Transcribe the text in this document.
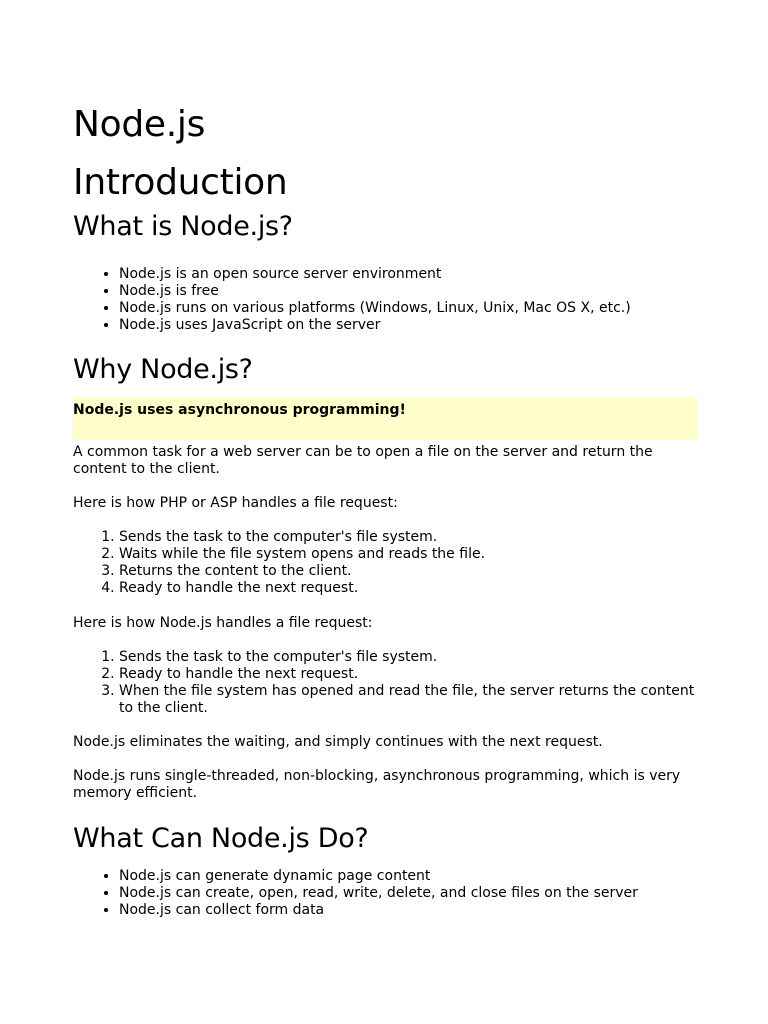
Node.js
Introduction
What is Node.js?
• Node.js is an open source server environment
• Node.js is free
• Node.js runs on various platforms (Windows, Linux, Unix, Mac OS X, etc.)
• Node.js uses JavaScript on the server
Why Node.js?
Node.js uses asynchronous programming!

A common task for a web server can be to open a file on the server and return the content to the client.

Here is how PHP or ASP handles a file request:

1. Sends the task to the computer's file system.
2. Waits while the file system opens and reads the file.
3. Returns the content to the client.
4. Ready to handle the next request.

Here is how Node.js handles a file request:

1. Sends the task to the computer's file system.
2. Ready to handle the next request.
3. When the file system has opened and read the file, the server returns the content to the client.

Node.js eliminates the waiting, and simply continues with the next request.

Node.js runs single-threaded, non-blocking, asynchronous programming, which is very memory efficient.

What Can Node.js Do?
• Node.js can generate dynamic page content
• Node.js can create, open, read, write, delete, and close files on the server
• Node.js can collect form data
